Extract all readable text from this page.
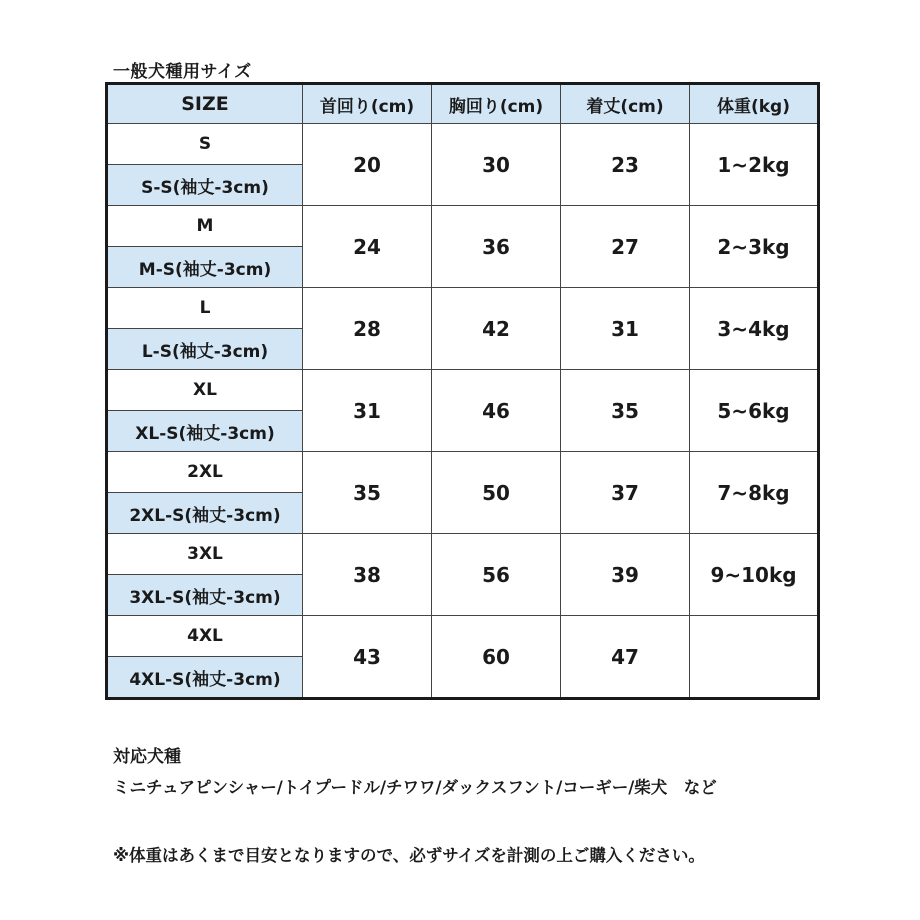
一般犬種用サイズ
SIZE	首回り(cm)	胸回り(cm)	着丈(cm)	体重(kg)
S	20	30	23	1~2kg
S-S(袖丈-3cm)				
M	24	36	27	2~3kg
M-S(袖丈-3cm)				
L	28	42	31	3~4kg
L-S(袖丈-3cm)				
XL	31	46	35	5~6kg
XL-S(袖丈-3cm)				
2XL	35	50	37	7~8kg
2XL-S(袖丈-3cm)				
3XL	38	56	39	9~10kg
3XL-S(袖丈-3cm)				
4XL	43	60	47	
4XL-S(袖丈-3cm)				
対応犬種
ミニチュアピンシャー/トイプードル/チワワ/ダックスフント/コーギー/柴犬　など
※体重はあくまで目安となりますので、必ずサイズを計測の上ご購入ください。
